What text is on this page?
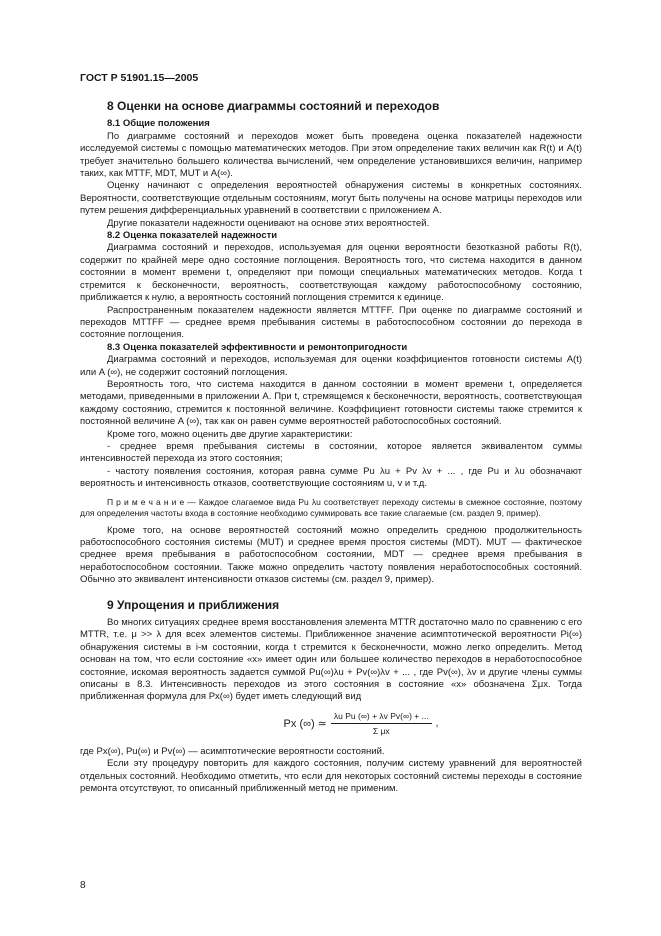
ГОСТ Р 51901.15—2005

8 Оценки на основе диаграммы состояний и переходов

8.1 Общие положения

По диаграмме состояний и переходов может быть проведена оценка показателей надежности исследуемой системы с помощью математических методов. При этом определение таких величин как R(t) и A(t) требует значительно большего количества вычислений, чем определение установившихся величин, например таких, как MTTF, MDT, MUT и A(∞).

Оценку начинают с определения вероятностей обнаружения системы в конкретных состояниях. Вероятности, соответствующие отдельным состояниям, могут быть получены на основе матрицы переходов или путем решения дифференциальных уравнений в соответствии с приложением А.

Другие показатели надежности оценивают на основе этих вероятностей.

8.2 Оценка показателей надежности

Диаграмма состояний и переходов, используемая для оценки вероятности безотказной работы R(t), содержит по крайней мере одно состояние поглощения. Вероятность того, что система находится в данном состоянии в момент времени t, определяют при помощи специальных математических методов. Когда t стремится к бесконечности, вероятность, соответствующая каждому работоспособному состоянию, приближается к нулю, а вероятность состояний поглощения стремится к единице.

Распространенным показателем надежности является MTTFF. При оценке по диаграмме состояний и переходов MTTFF — среднее время пребывания системы в работоспособном состоянии до перехода в состояние поглощения.

8.3 Оценка показателей эффективности и ремонтопригодности

Диаграмма состояний и переходов, используемая для оценки коэффициентов готовности системы A(t) или A (∞), не содержит состояний поглощения.

Вероятность того, что система находится в данном состоянии в момент времени t, определяется методами, приведенными в приложении А. При t, стремящемся к бесконечности, вероятность, соответствующая каждому состоянию, стремится к постоянной величине. Коэффициент готовности системы также стремится к постоянной величине A (∞), так как он равен сумме вероятностей работоспособных состояний.

Кроме того, можно оценить две другие характеристики:

- среднее время пребывания системы в состоянии, которое является эквивалентом суммы интенсивностей перехода из этого состояния;

- частоту появления состояния, которая равна сумме Pu λu + Pv λv + ... , где Pu и λu обозначают вероятность и интенсивность отказов, соответствующие состояниям u, v и т.д.

П р и м е ч а н и е — Каждое слагаемое вида Pu λu соответствует переходу системы в смежное состояние, поэтому для определения частоты входа в состояние необходимо суммировать все такие слагаемые (см. раздел 9, пример).

Кроме того, на основе вероятностей состояний можно определить среднюю продолжительность работоспособного состояния системы (MUT) и среднее время простоя системы (MDT). MUT — фактическое среднее время пребывания в работоспособном состоянии, MDT — среднее время пребывания в неработоспособном состоянии. Также можно определить частоту появления неработоспособных состояний. Обычно это эквивалент интенсивности отказов системы (см. раздел 9, пример).

9 Упрощения и приближения

Во многих ситуациях среднее время восстановления элемента MTTR достаточно мало по сравнению с его MTTR, т.е. μ >> λ для всех элементов системы. Приближенное значение асимптотической вероятности Pi(∞) обнаружения системы в i-м состоянии, когда t стремится к бесконечности, можно легко определить. Метод основан на том, что если состояние «x» имеет один или большее количество переходов в неработоспособное состояние, искомая вероятность задается суммой Pu(∞)λu + Pv(∞)λv + ... , где Pv(∞), λv и другие члены суммы описаны в 8.3. Интенсивность переходов из этого состояния в состояние «x» обозначена Σμx. Тогда приближенная формула для Px(∞) будет иметь следующий вид

Px (∞) ≃ $\frac{\text{λu Pu (∞) + λv Pv(∞) + ...}}{\text{Σ μx}}$ ,

где Px(∞), Pu(∞) и Pv(∞) — асимптотические вероятности состояний.

Если эту процедуру повторить для каждого состояния, получим систему уравнений для вероятностей отдельных состояний. Необходимо отметить, что если для некоторых состояний системы переходы в состояние ремонта отсутствуют, то описанный приближенный метод не применим.

8
